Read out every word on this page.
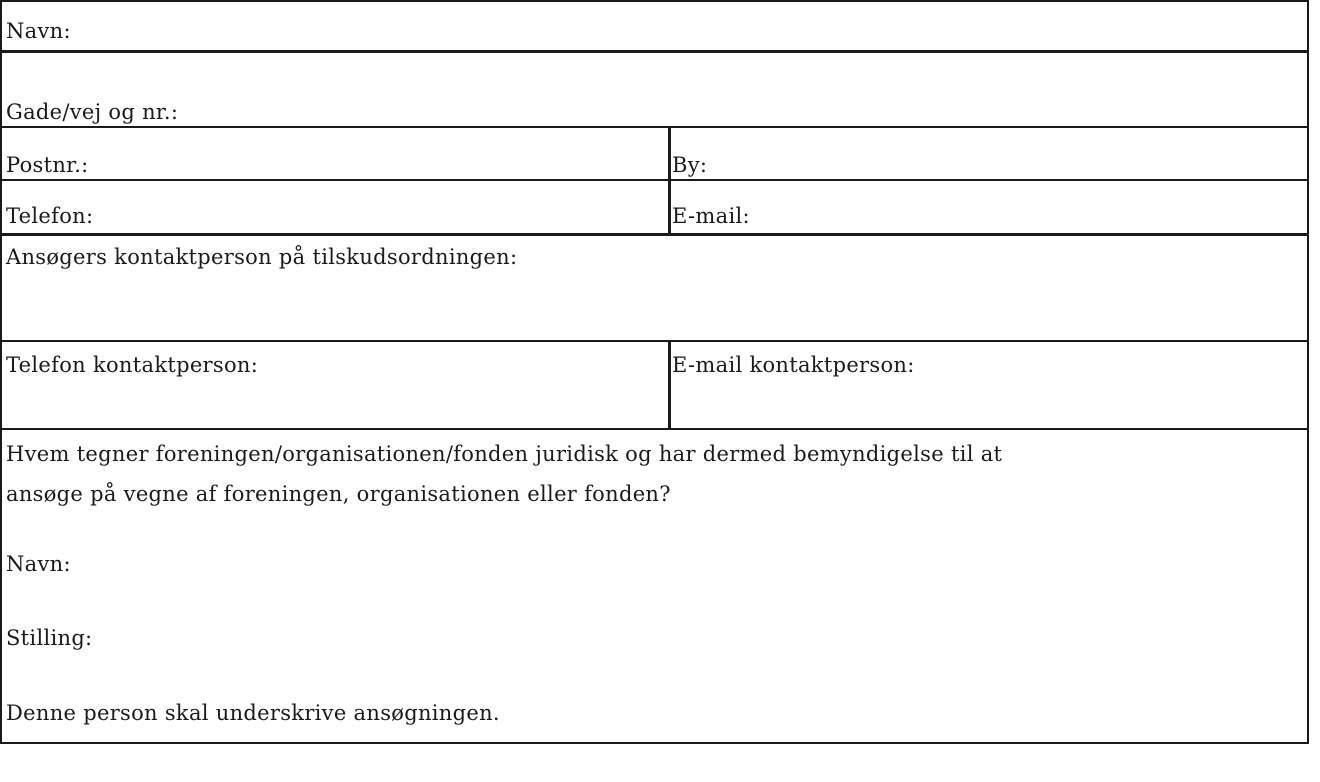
Navn:
Gade/vej og nr.:
Postnr.:	By:
Telefon:	E-mail:
Ansøgers kontaktperson på tilskudsordningen:
Telefon kontaktperson:	E-mail kontaktperson:
Hvem tegner foreningen/organisationen/fonden juridisk og har dermed bemyndigelse til at
ansøge på vegne af foreningen, organisationen eller fonden?
Navn:
Stilling:
Denne person skal underskrive ansøgningen.
